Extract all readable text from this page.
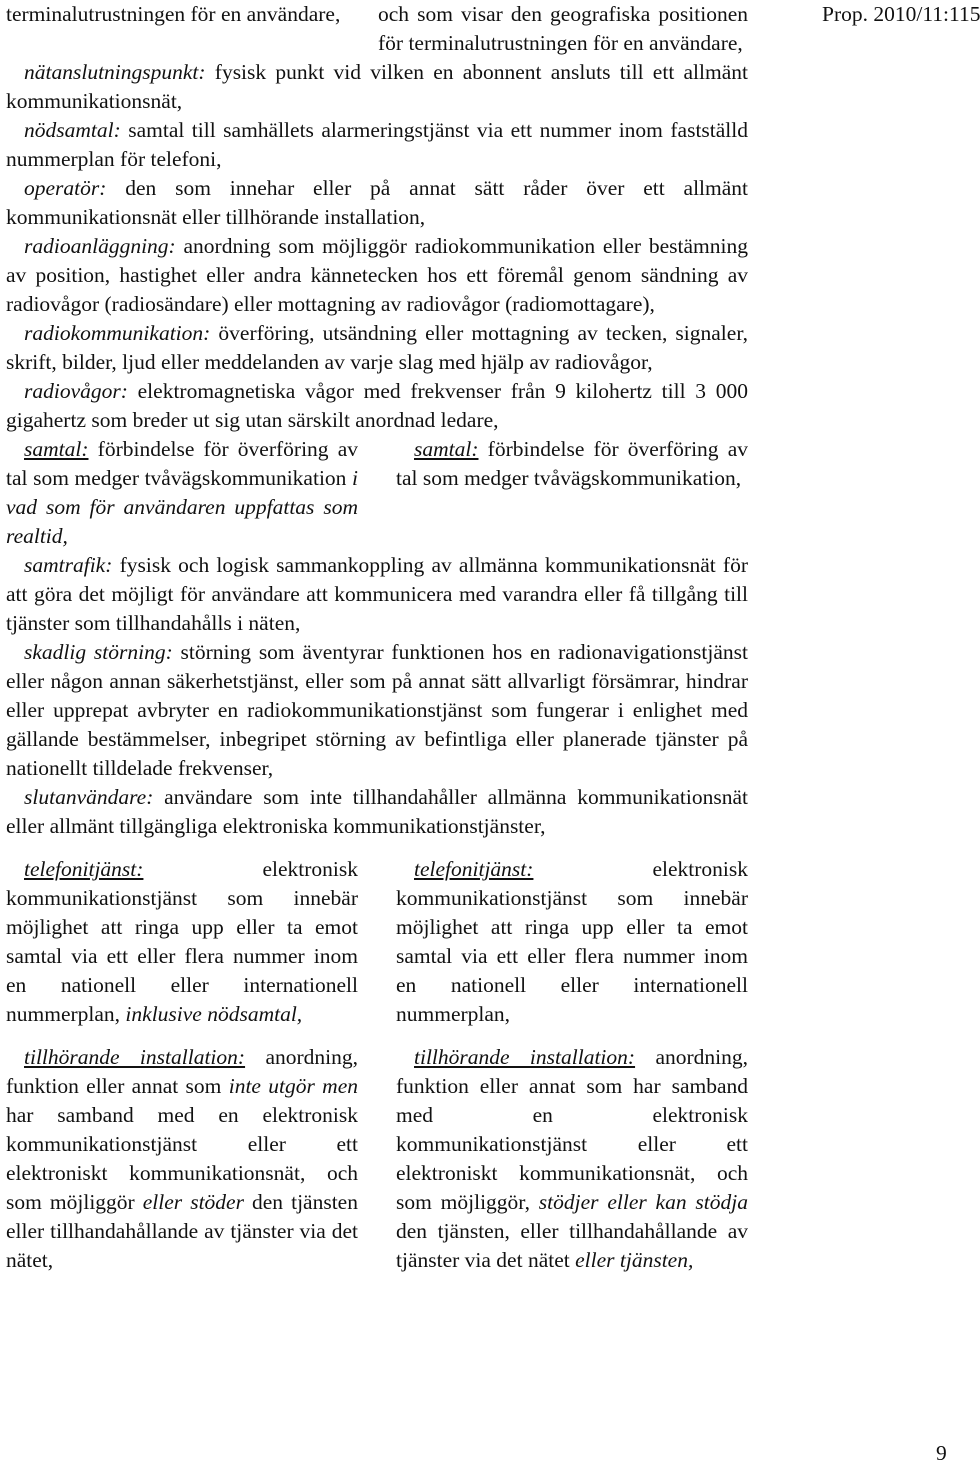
Prop. 2010/11:115

terminalutrustningen för en användare,	och som visar den geografiska positionen för terminalutrustningen för en användare,

nätanslutningspunkt: fysisk punkt vid vilken en abonnent ansluts till ett allmänt kommunikationsnät,

nödsamtal: samtal till samhällets alarmeringstjänst via ett nummer inom fastställd nummerplan för telefoni,

operatör: den som innehar eller på annat sätt råder över ett allmänt kommunikationsnät eller tillhörande installation,

radioanläggning: anordning som möjliggör radiokommunikation eller bestämning av position, hastighet eller andra kännetecken hos ett föremål genom sändning av radiovågor (radiosändare) eller mottagning av radiovågor (radiomottagare),

radiokommunikation: överföring, utsändning eller mottagning av tecken, signaler, skrift, bilder, ljud eller meddelanden av varje slag med hjälp av radiovågor,

radiovågor: elektromagnetiska vågor med frekvenser från 9 kilohertz till 3 000 gigahertz som breder ut sig utan särskilt anordnad ledare,

samtal: förbindelse för överföring av tal som medger tvåvägskommunikation i vad som för användaren uppfattas som realtid,

samtal: förbindelse för överföring av tal som medger tvåvägskommunikation,

samtrafik: fysisk och logisk sammankoppling av allmänna kommunikationsnät för att göra det möjligt för användare att kommunicera med varandra eller få tillgång till tjänster som tillhandahålls i näten,

skadlig störning: störning som äventyrar funktionen hos en radionavigationstjänst eller någon annan säkerhetstjänst, eller som på annat sätt allvarligt försämrar, hindrar eller upprepat avbryter en radiokommunikationstjänst som fungerar i enlighet med gällande bestämmelser, inbegripet störning av befintliga eller planerade tjänster på nationellt tilldelade frekvenser,

slutanvändare: användare som inte tillhandahåller allmänna kommunikationsnät eller allmänt tillgängliga elektroniska kommunikationstjänster,

telefonitjänst: elektronisk kommunikationstjänst som innebär möjlighet att ringa upp eller ta emot samtal via ett eller flera nummer inom en nationell eller internationell nummerplan, inklusive nödsamtal,

telefonitjänst: elektronisk kommunikationstjänst som innebär möjlighet att ringa upp eller ta emot samtal via ett eller flera nummer inom en nationell eller internationell nummerplan,

tillhörande installation: anordning, funktion eller annat som inte utgör men har samband med en elektronisk kommunikationstjänst eller ett elektroniskt kommunikationsnät, och som möjliggör eller stöder den tjänsten eller tillhandahållande av tjänster via det nätet,

tillhörande installation: anordning, funktion eller annat som har samband med en elektronisk kommunikationstjänst eller ett elektroniskt kommunikationsnät, och som möjliggör, stödjer eller kan stödja den tjänsten, eller tillhandahållande av tjänster via det nätet eller tjänsten,

9
